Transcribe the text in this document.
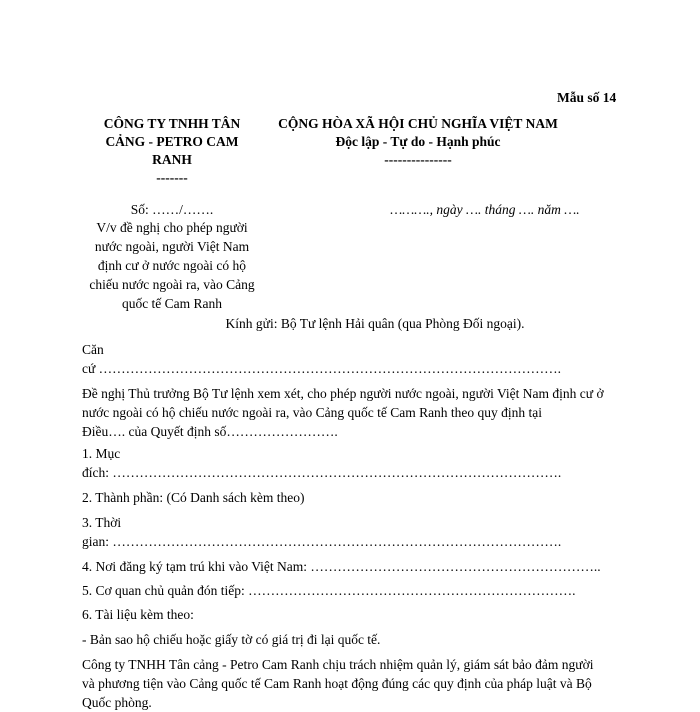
Mẫu số 14
CÔNG TY TNHH TÂN
CẢNG - PETRO CAM
RANH
-------
Số: ……/…….
V/v đề nghị cho phép người
nước ngoài, người Việt Nam
định cư ở nước ngoài có hộ
chiếu nước ngoài ra, vào Cảng
quốc tế Cam Ranh
CỘNG HÒA XÃ HỘI CHỦ NGHĨA VIỆT NAM
Độc lập - Tự do - Hạnh phúc
---------------
………., ngày …. tháng …. năm ….
Kính gửi: Bộ Tư lệnh Hải quân (qua Phòng Đối ngoại).
Căn
cứ ………………………………………………………………………………………….
Đề nghị Thủ trưởng Bộ Tư lệnh xem xét, cho phép người nước ngoài, người Việt Nam định cư ở
nước ngoài có hộ chiếu nước ngoài ra, vào Cảng quốc tế Cam Ranh theo quy định tại
Điều…. của Quyết định số…………………….
1. Mục
đích: ……………………………………………………………………………………….
2. Thành phần: (Có Danh sách kèm theo)
3. Thời
gian: ……………………………………………………………………………………….
4. Nơi đăng ký tạm trú khi vào Việt Nam: ………………………………………………………..
5. Cơ quan chủ quản đón tiếp: ……………………………………………………………….
6. Tài liệu kèm theo:
- Bản sao hộ chiếu hoặc giấy tờ có giá trị đi lại quốc tế.
Công ty TNHH Tân cảng - Petro Cam Ranh chịu trách nhiệm quản lý, giám sát bảo đảm người
và phương tiện vào Cảng quốc tế Cam Ranh hoạt động đúng các quy định của pháp luật và Bộ
Quốc phòng.
